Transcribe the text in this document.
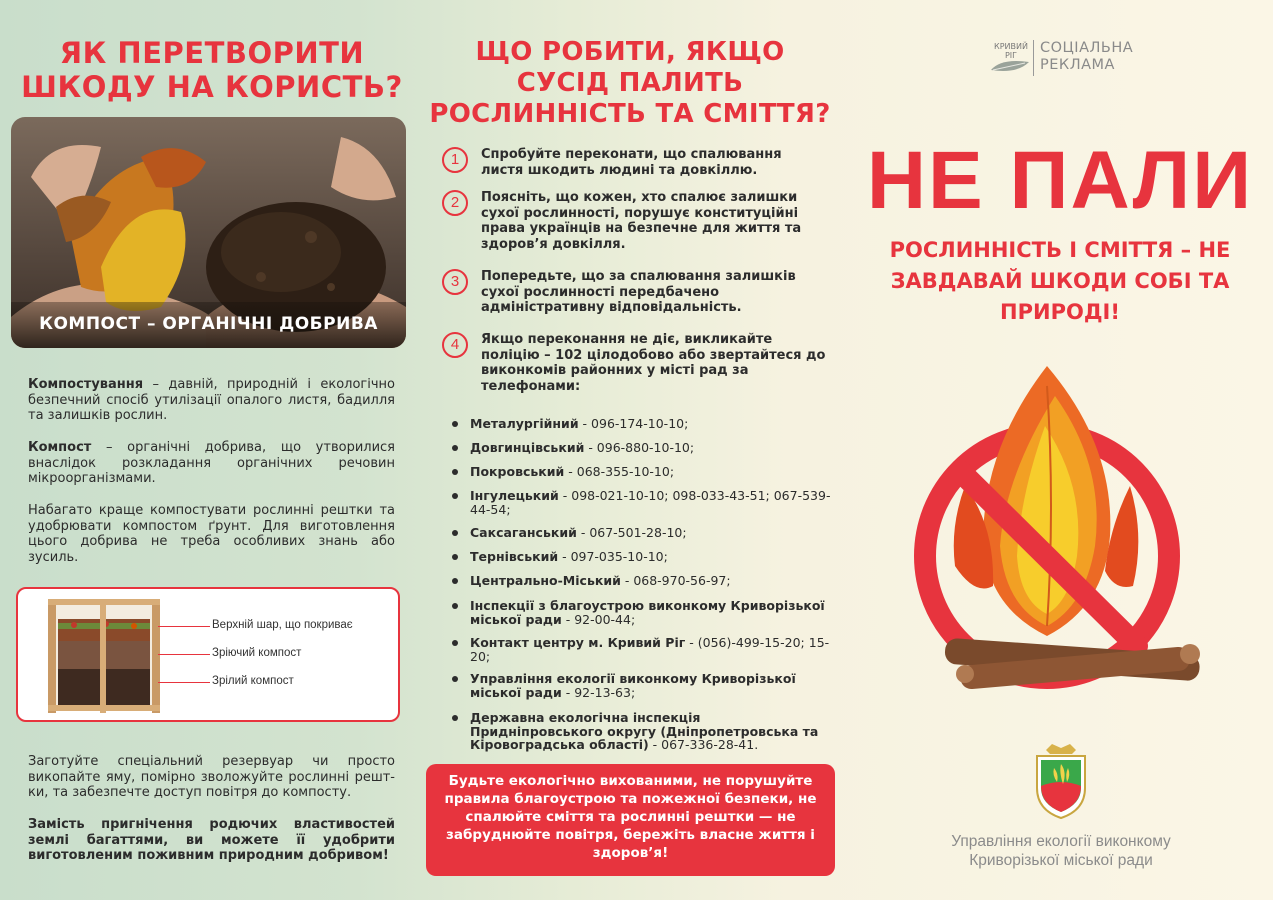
ЯК ПЕРЕТВОРИТИ ШКОДУ НА КОРИСТЬ?
КОМПОСТ – ОРГАНІЧНІ ДОБРИВА

Компостування – давній, природній і екологічно безпечний спосіб утилізації опалого листя, бадилля та залишків рослин.

Компост – органічні добрива, що утворилися внаслідок розкладання органічних речовин мікроорганізмами.

Набагато краще компостувати рослинні рештки та удобрювати компостом ґрунт. Для виготовлення цього добрива не треба особливих знань або зусиль.

Верхній шар, що покриває
Зріючий компост
Зрілий компост

Заготуйте спеціальний резервуар чи просто викопайте яму, помірно зволожуйте рослинні рештки, та забезпечте доступ повітря до компосту.

Замість пригнічення родючих властивостей землі багаттями, ви можете її удобрити виготовленим поживним природним добривом!

ЩО РОБИТИ, ЯКЩО СУСІД ПАЛИТЬ РОСЛИННІСТЬ ТА СМІТТЯ?
1	Спробуйте переконати, що спалювання листя шкодить людині та довкіллю.
2	Поясніть, що кожен, хто спалює залишки сухої рослинності, порушує конституційні права українців на безпечне для життя та здоров’я довкілля.
3	Попередьте, що за спалювання залишків сухої рослинності передбачено адміністративну відповідальність.
4	Якщо переконання не діє, викликайте поліцію – 102 цілодобово або звертайтеся до виконкомів районних у місті рад за телефонами:
Металургійний - 096-174-10-10;
Довгинцівський - 096-880-10-10;
Покровський - 068-355-10-10;
Інгулецький - 098-021-10-10; 098-033-43-51; 067-539-44-54;
Саксаганський - 067-501-28-10;
Тернівський - 097-035-10-10;
Центрально-Міський - 068-970-56-97;
Інспекції з благоустрою виконкому Криворізької міської ради - 92-00-44;
Контакт центру м. Кривий Ріг - (056)-499-15-20; 15-20;
Управління екології виконкому Криворізької міської ради - 92-13-63;
Державна екологічна інспекція Придніпровського округу (Дніпропетровська та Кіровоградська області) - 067-336-28-41.
Будьте екологічно вихованими, не порушуйте правила благоустрою та пожежної безпеки, не спалюйте сміття та рослинні рештки — не забруднюйте повітря, бережіть власне життя і здоров’я!
КРИВИЙ РІГ	СОЦІАЛЬНА
РЕКЛАМА
НЕ ПАЛИ
РОСЛИННІСТЬ І СМІТТЯ – НЕ ЗАВДАВАЙ ШКОДИ СОБІ ТА ПРИРОДІ!
Управління екології виконкому Криворізької міської ради
